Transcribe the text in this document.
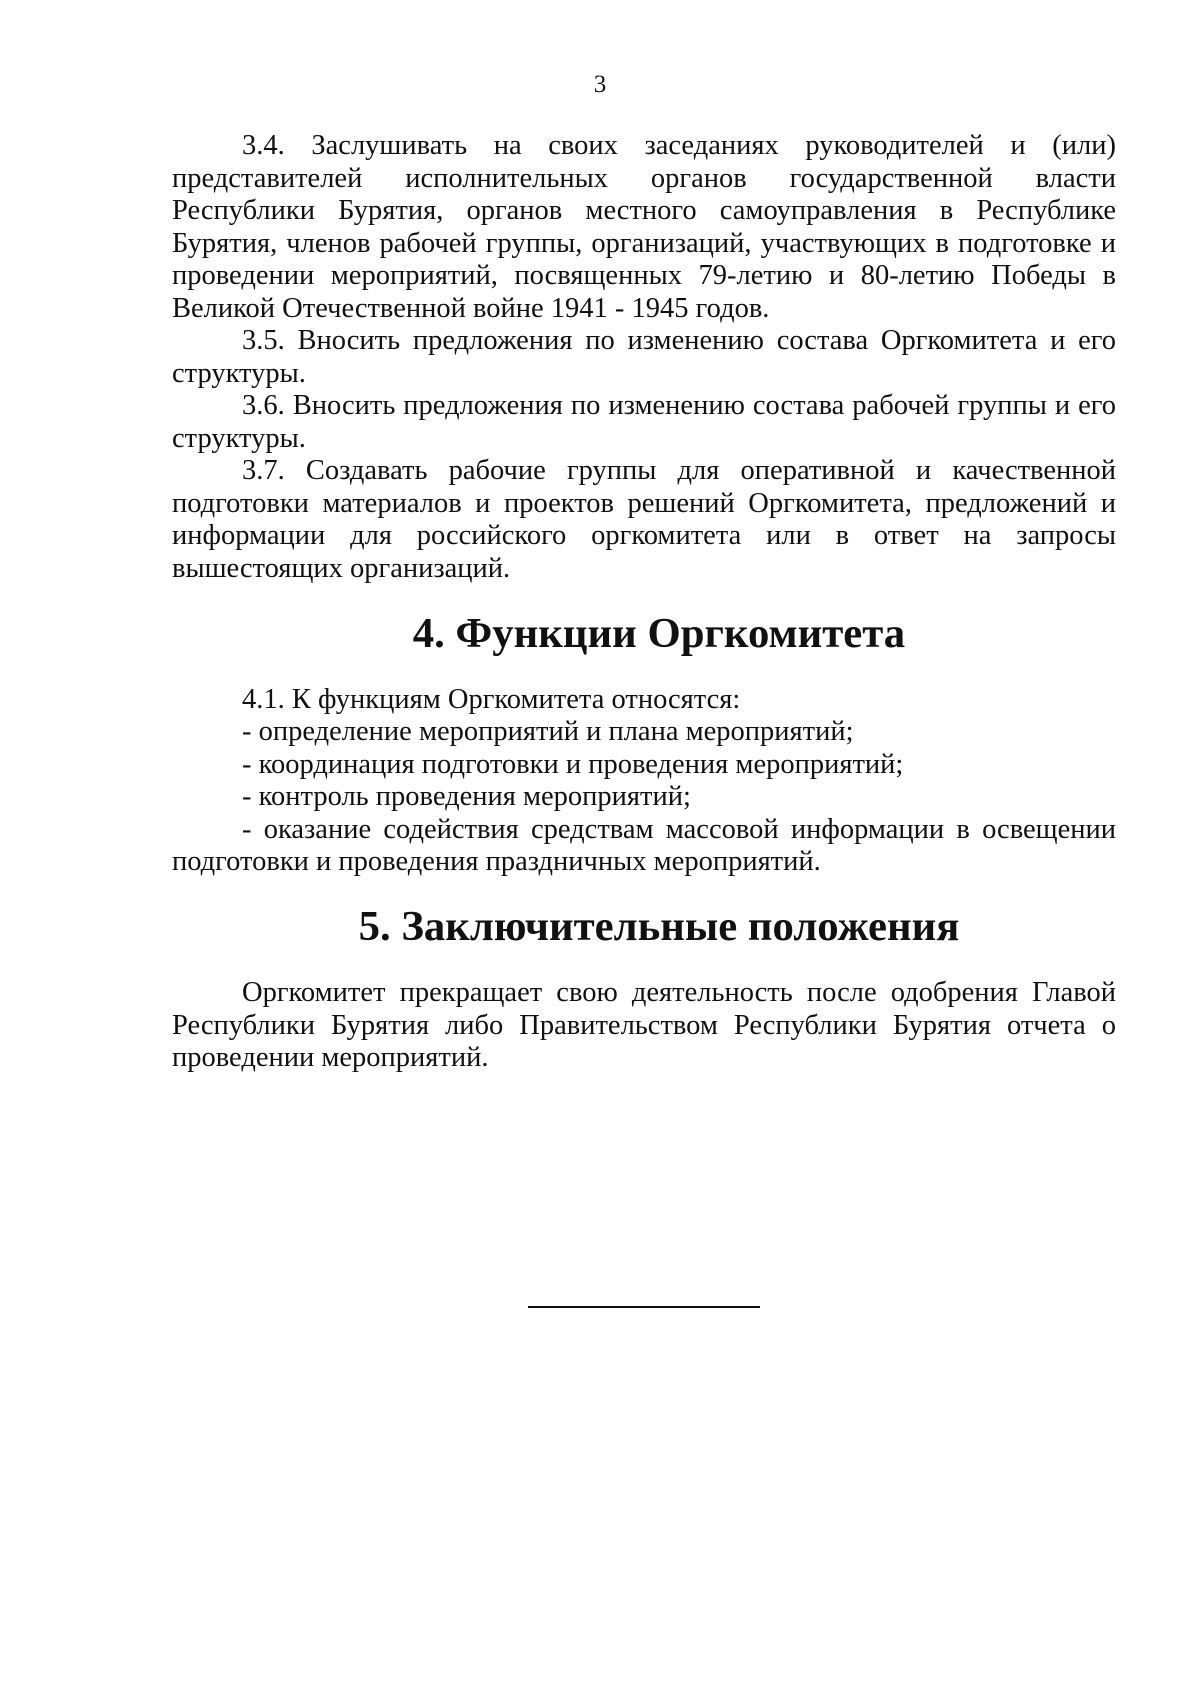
3

3.4. Заслушивать на своих заседаниях руководителей и (или) представителей исполнительных органов государственной власти Республики Бурятия, органов местного самоуправления в Республике Бурятия, членов рабочей группы, организаций, участвующих в подготовке и проведении мероприятий, посвященных 79-летию и 80-летию Победы в Великой Отечественной войне 1941 - 1945 годов.

3.5. Вносить предложения по изменению состава Оргкомитета и его структуры.

3.6. Вносить предложения по изменению состава рабочей группы и его структуры.

3.7. Создавать рабочие группы для оперативной и качественной подготовки материалов и проектов решений Оргкомитета, предложений и информации для российского оргкомитета или в ответ на запросы вышестоящих организаций.

4. Функции Оргкомитета

4.1. К функциям Оргкомитета относятся:

- определение мероприятий и плана мероприятий;

- координация подготовки и проведения мероприятий;

- контроль проведения мероприятий;

- оказание содействия средствам массовой информации в освещении подготовки и проведения праздничных мероприятий.

5. Заключительные положения

Оргкомитет прекращает свою деятельность после одобрения Главой Республики Бурятия либо Правительством Республики Бурятия отчета о проведении мероприятий.
